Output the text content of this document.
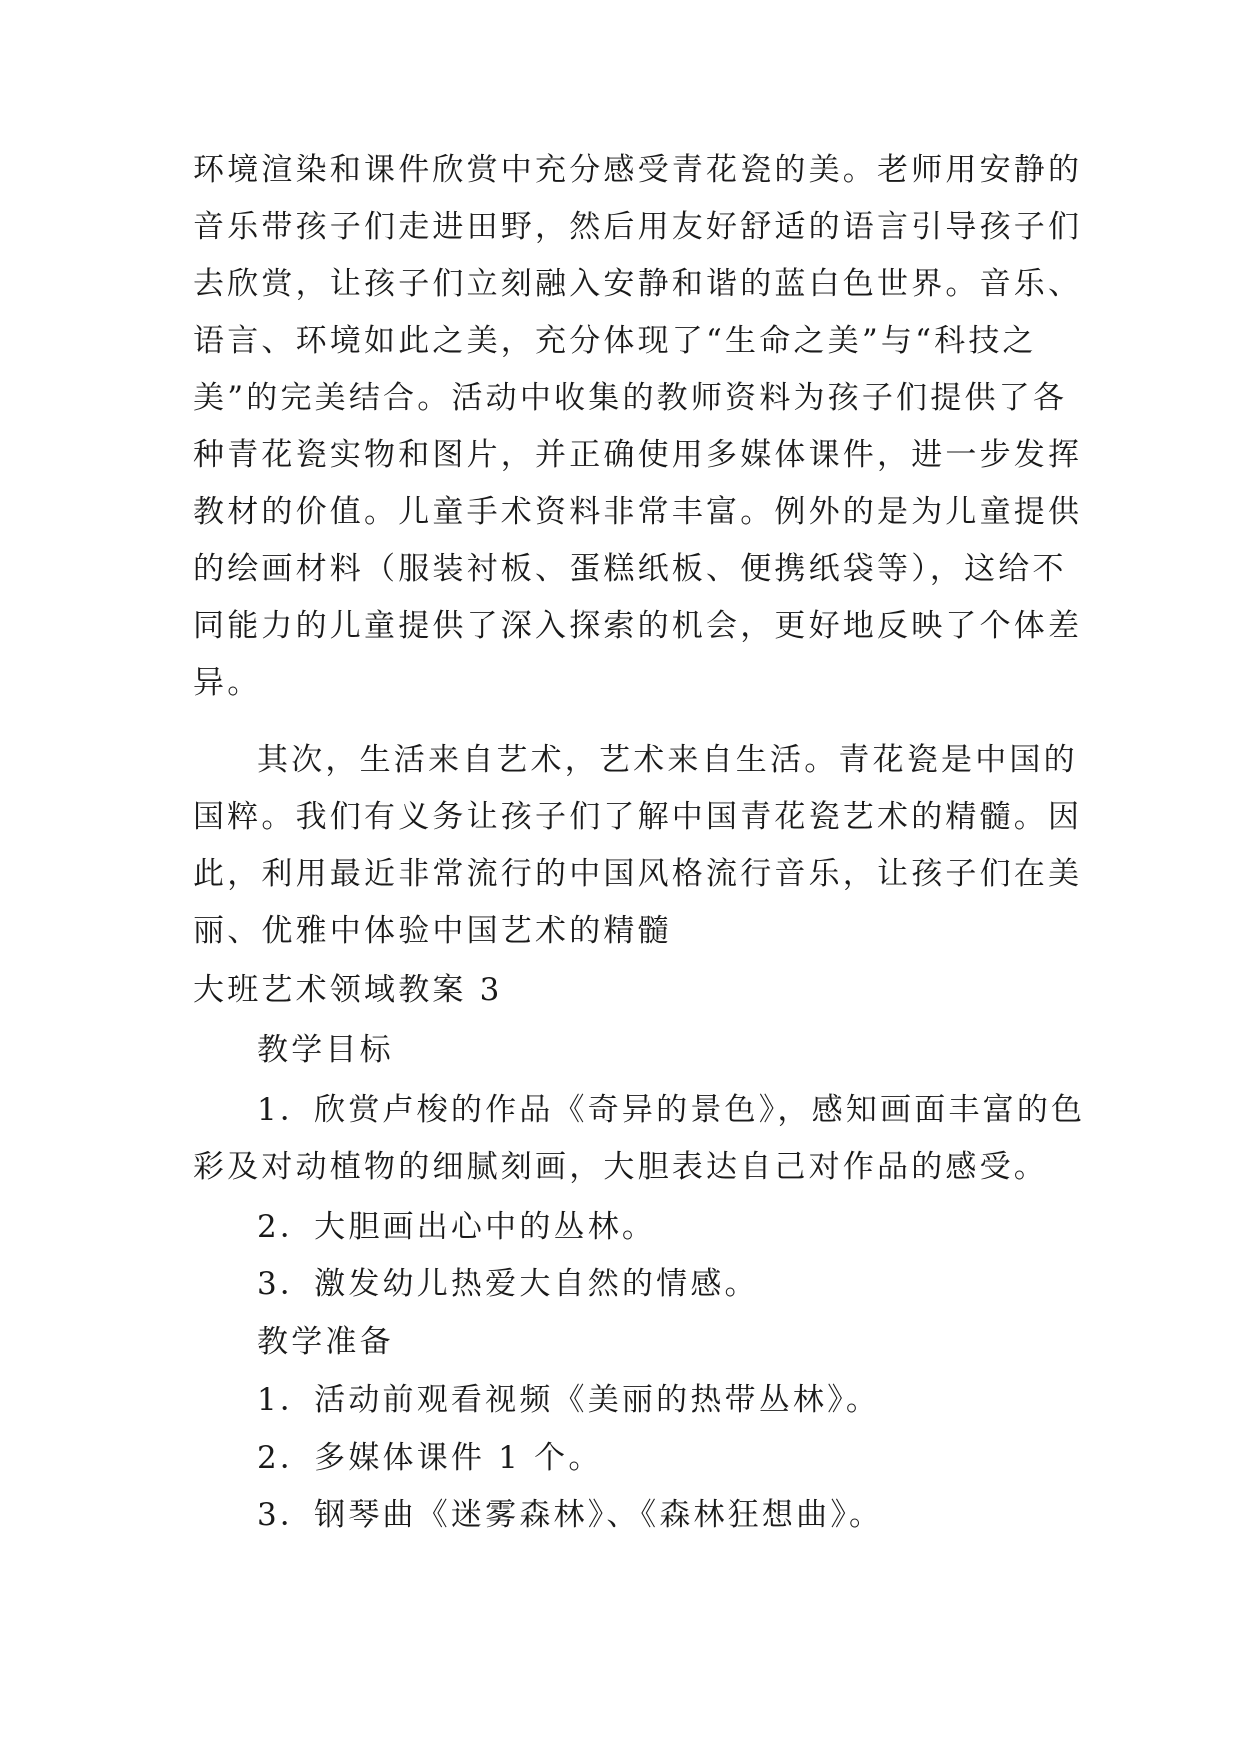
环境渲染和课件欣赏中充分感受青花瓷的美。老师用安静的
音乐带孩子们走进田野，然后用友好舒适的语言引导孩子们
去欣赏，让孩子们立刻融入安静和谐的蓝白色世界。音乐、
语言、环境如此之美，充分体现了“生命之美”与“科技之
美”的完美结合。活动中收集的教师资料为孩子们提供了各
种青花瓷实物和图片，并正确使用多媒体课件，进一步发挥
教材的价值。儿童手术资料非常丰富。例外的是为儿童提供
的绘画材料（服装衬板、蛋糕纸板、便携纸袋等），这给不
同能力的儿童提供了深入探索的机会，更好地反映了个体差
异。
其次，生活来自艺术，艺术来自生活。青花瓷是中国的
国粹。我们有义务让孩子们了解中国青花瓷艺术的精髓。因
此，利用最近非常流行的中国风格流行音乐，让孩子们在美
丽、优雅中体验中国艺术的精髓
大班艺术领域教案 3
教学目标
1．欣赏卢梭的作品《奇异的景色》，感知画面丰富的色
彩及对动植物的细腻刻画，大胆表达自己对作品的感受。
2．大胆画出心中的丛林。
3．激发幼儿热爱大自然的情感。
教学准备
1．活动前观看视频《美丽的热带丛林》。
2．多媒体课件 1 个。
3．钢琴曲《迷雾森林》、《森林狂想曲》。
